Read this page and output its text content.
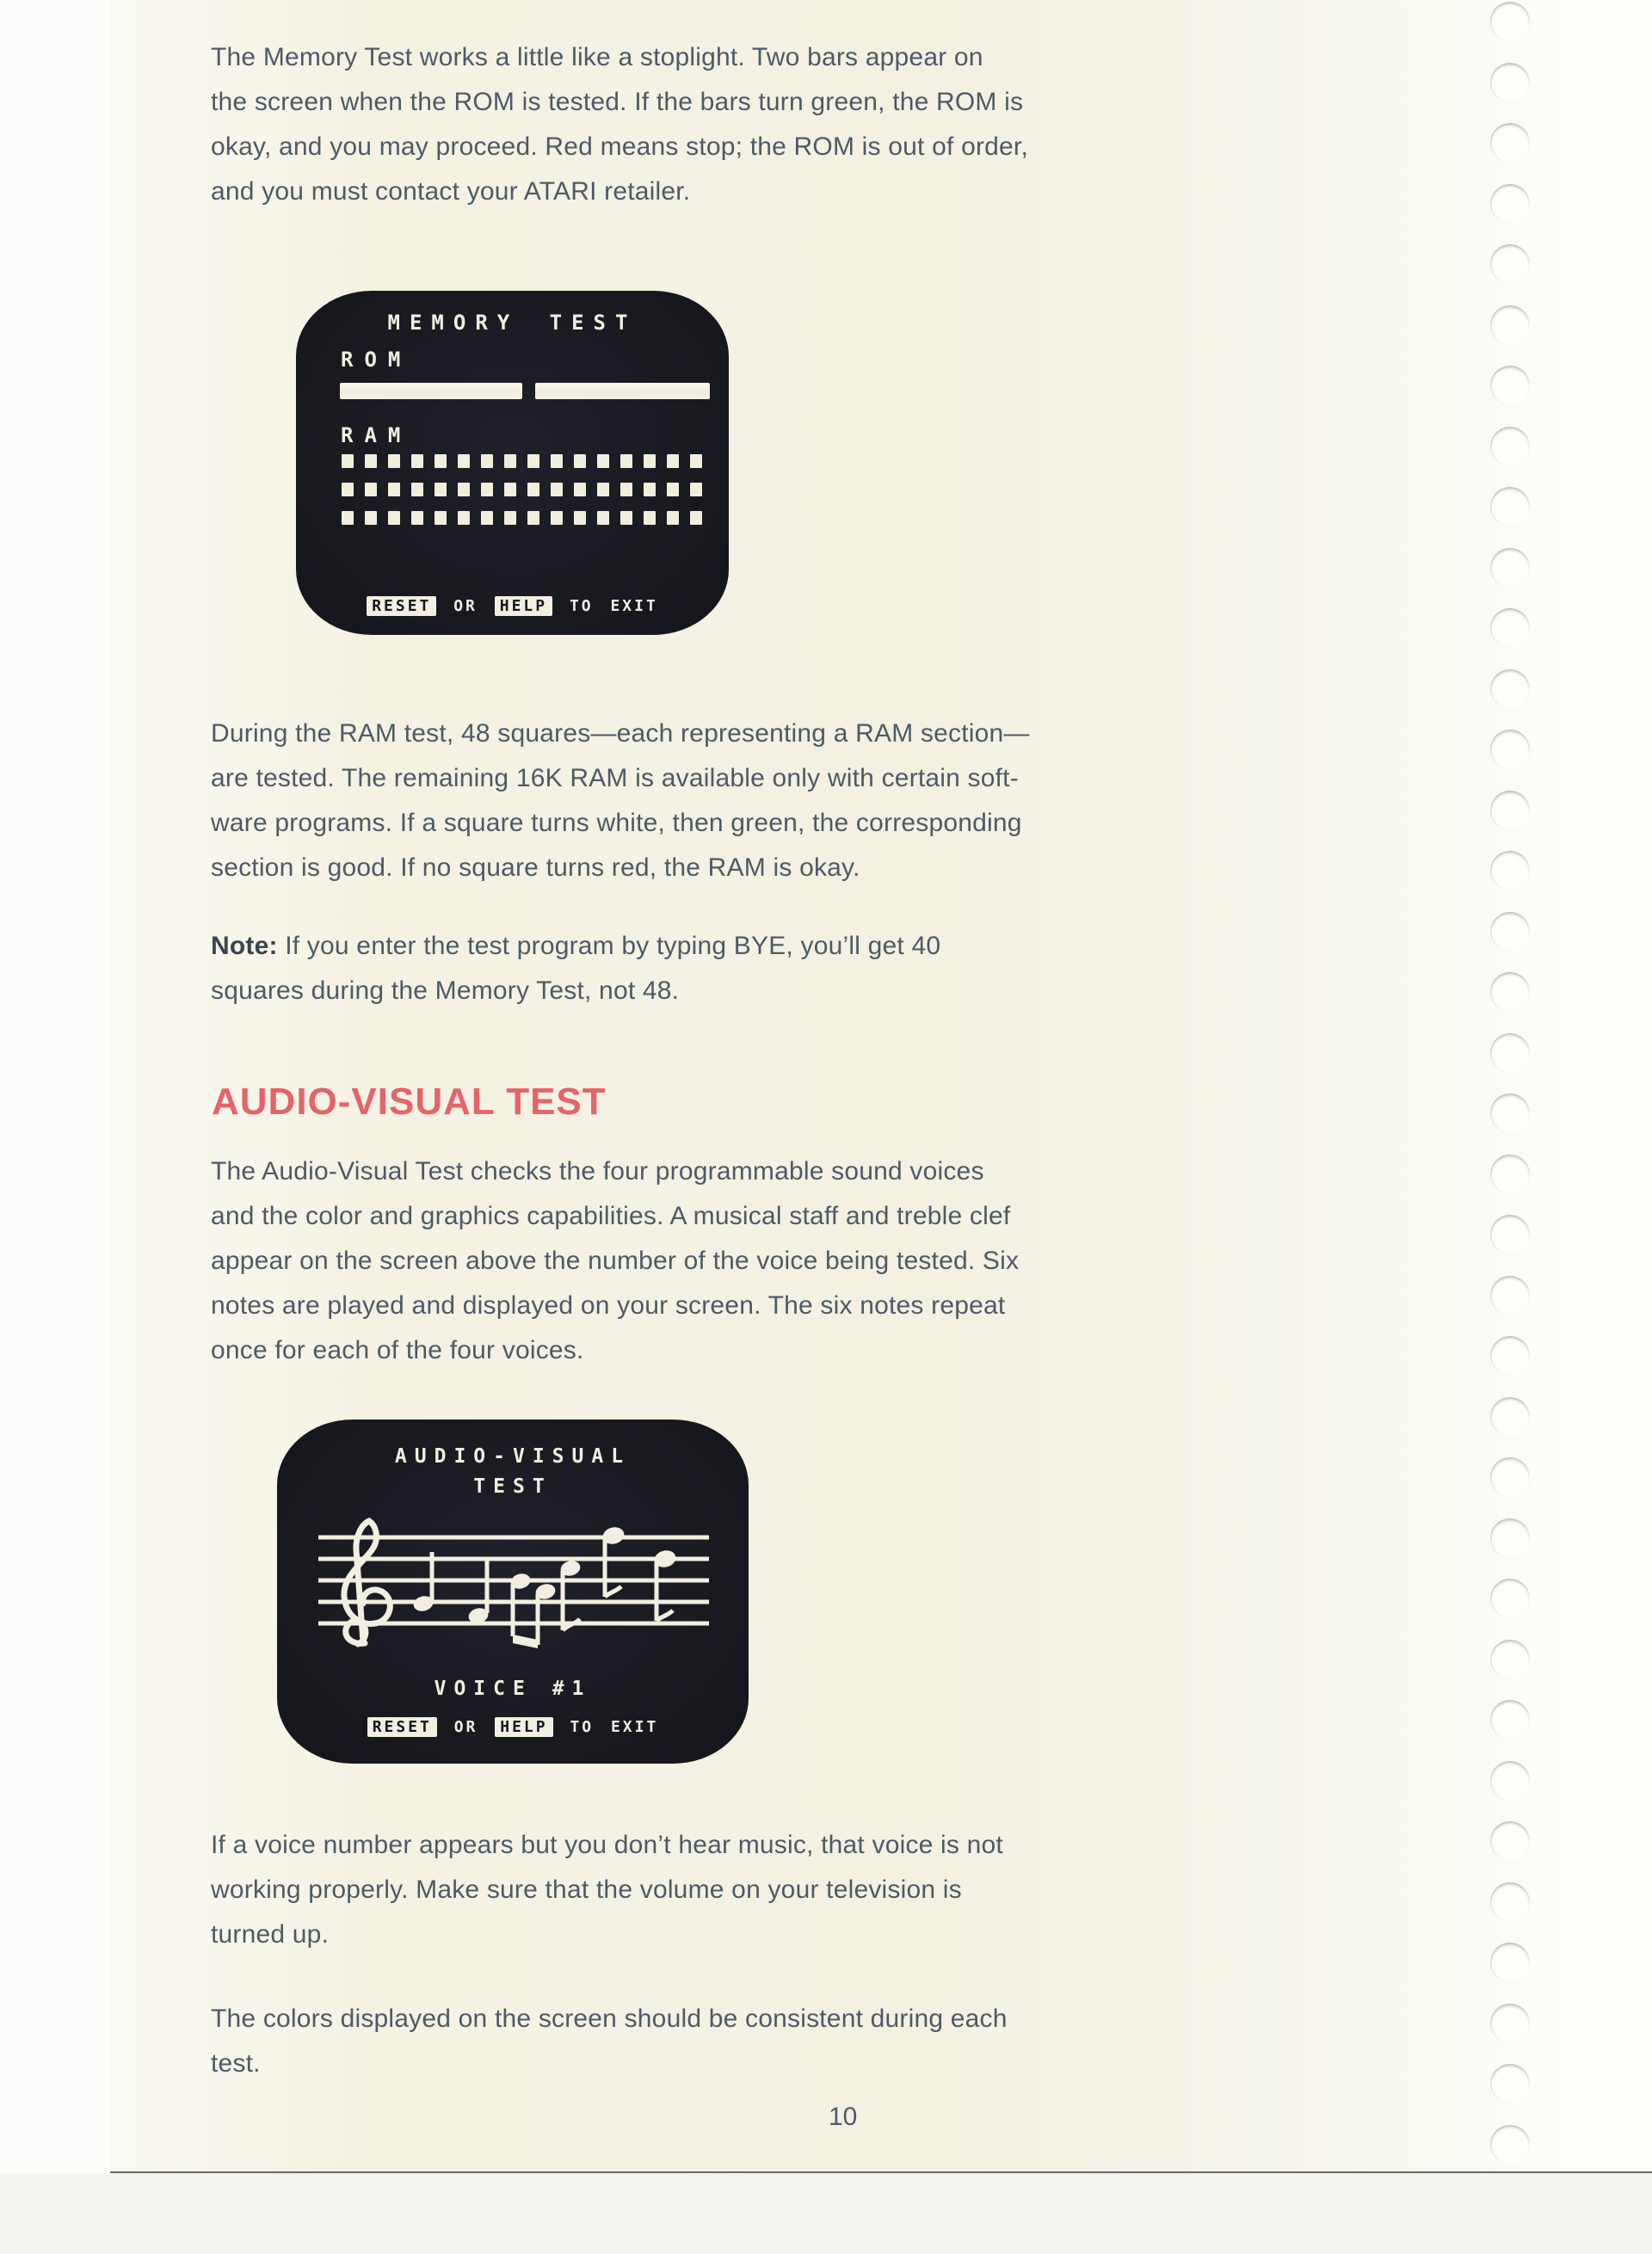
The Memory Test works a little like a stoplight. Two bars appear on
the screen when the ROM is tested. If the bars turn green, the ROM is
okay, and you may proceed. Red means stop; the ROM is out of order,
and you must contact your ATARI retailer.
MEMORY TEST
ROM
RAM
RESET OR HELP TO EXIT
During the RAM test, 48 squares—each representing a RAM section—
are tested. The remaining 16K RAM is available only with certain soft-
ware programs. If a square turns white, then green, the corresponding
section is good. If no square turns red, the RAM is okay.
Note: If you enter the test program by typing BYE, you’ll get 40
squares during the Memory Test, not 48.
AUDIO-VISUAL TEST
The Audio-Visual Test checks the four programmable sound voices
and the color and graphics capabilities. A musical staff and treble clef
appear on the screen above the number of the voice being tested. Six
notes are played and displayed on your screen. The six notes repeat
once for each of the four voices.
AUDIO-VISUAL
TEST
VOICE #1
RESET OR HELP TO EXIT
If a voice number appears but you don’t hear music, that voice is not
working properly. Make sure that the volume on your television is
turned up.
The colors displayed on the screen should be consistent during each
test.
10
